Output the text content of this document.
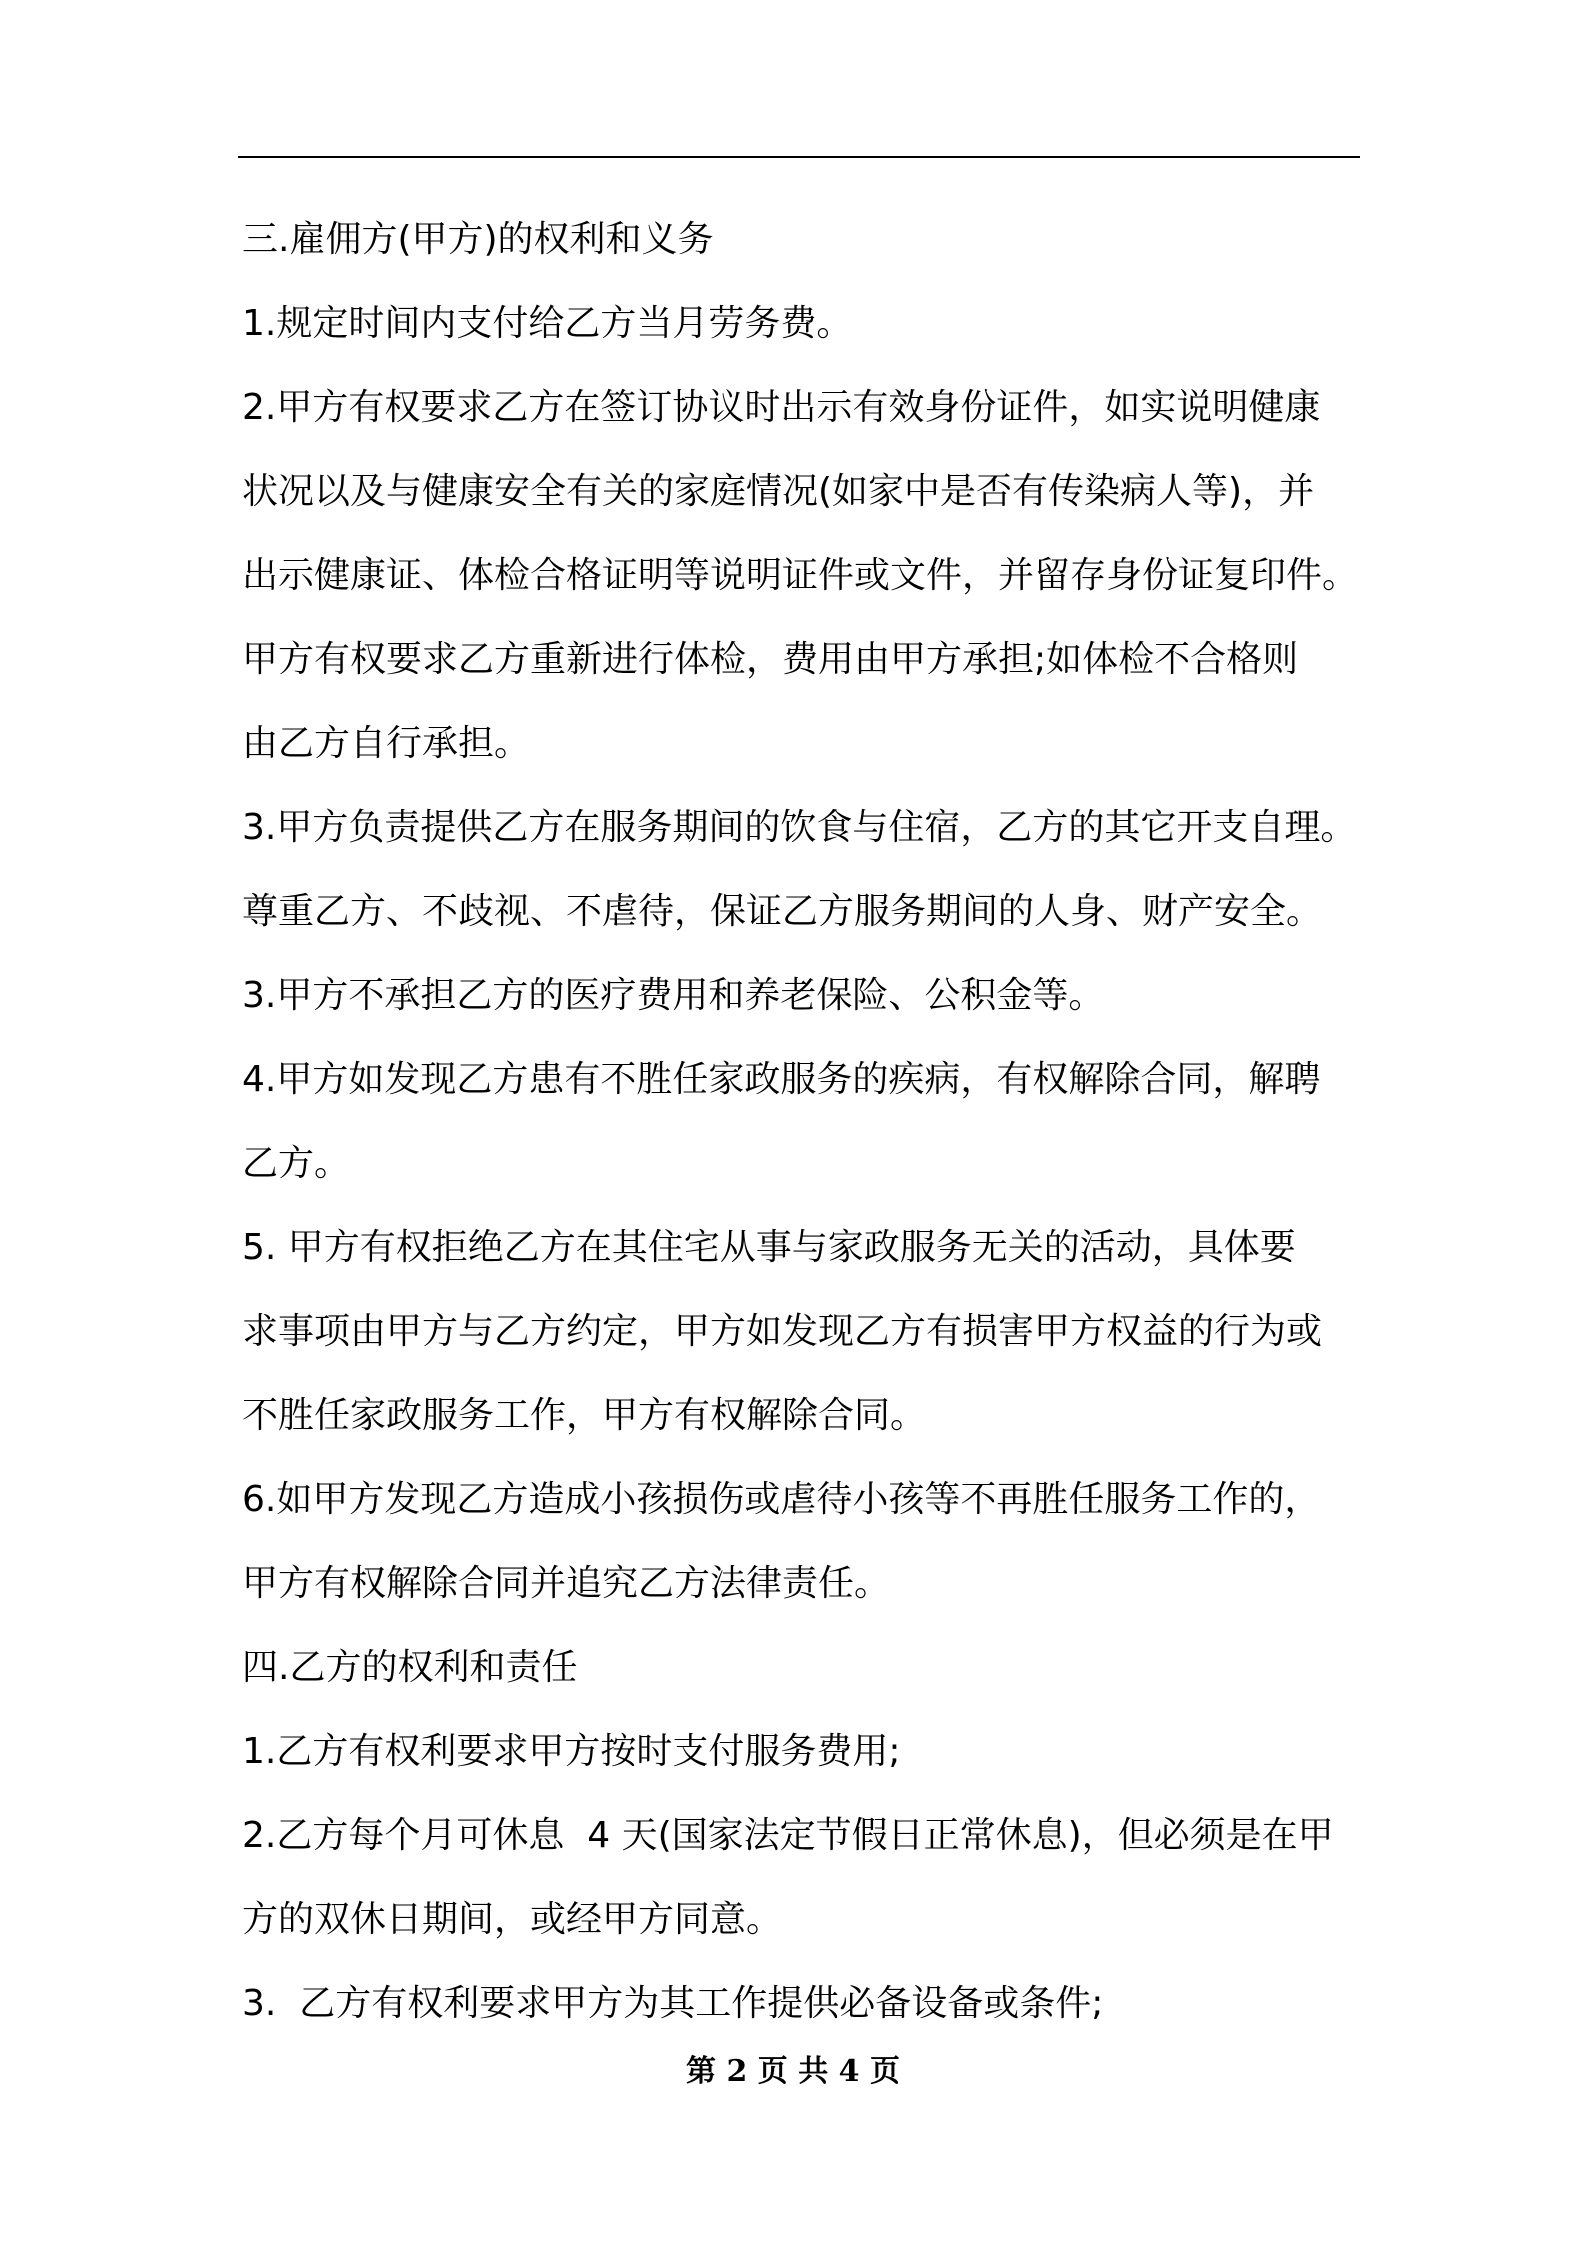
三.雇佣方(甲方)的权利和义务
1.规定时间内支付给乙方当月劳务费。
2.甲方有权要求乙方在签订协议时出示有效身份证件，如实说明健康
状况以及与健康安全有关的家庭情况(如家中是否有传染病人等)，并
出示健康证、体检合格证明等说明证件或文件，并留存身份证复印件。
甲方有权要求乙方重新进行体检，费用由甲方承担;如体检不合格则
由乙方自行承担。
3.甲方负责提供乙方在服务期间的饮食与住宿，乙方的其它开支自理。
尊重乙方、不歧视、不虐待，保证乙方服务期间的人身、财产安全。
3.甲方不承担乙方的医疗费用和养老保险、公积金等。
4.甲方如发现乙方患有不胜任家政服务的疾病，有权解除合同，解聘
乙方。
5. 甲方有权拒绝乙方在其住宅从事与家政服务无关的活动，具体要
求事项由甲方与乙方约定，甲方如发现乙方有损害甲方权益的行为或
不胜任家政服务工作，甲方有权解除合同。
6.如甲方发现乙方造成小孩损伤或虐待小孩等不再胜任服务工作的，
甲方有权解除合同并追究乙方法律责任。
四.乙方的权利和责任
1.乙方有权利要求甲方按时支付服务费用;
2.乙方每个月可休息  4 天(国家法定节假日正常休息)，但必须是在甲
方的双休日期间，或经甲方同意。
3.  乙方有权利要求甲方为其工作提供必备设备或条件;
第 2 页 共 4 页
